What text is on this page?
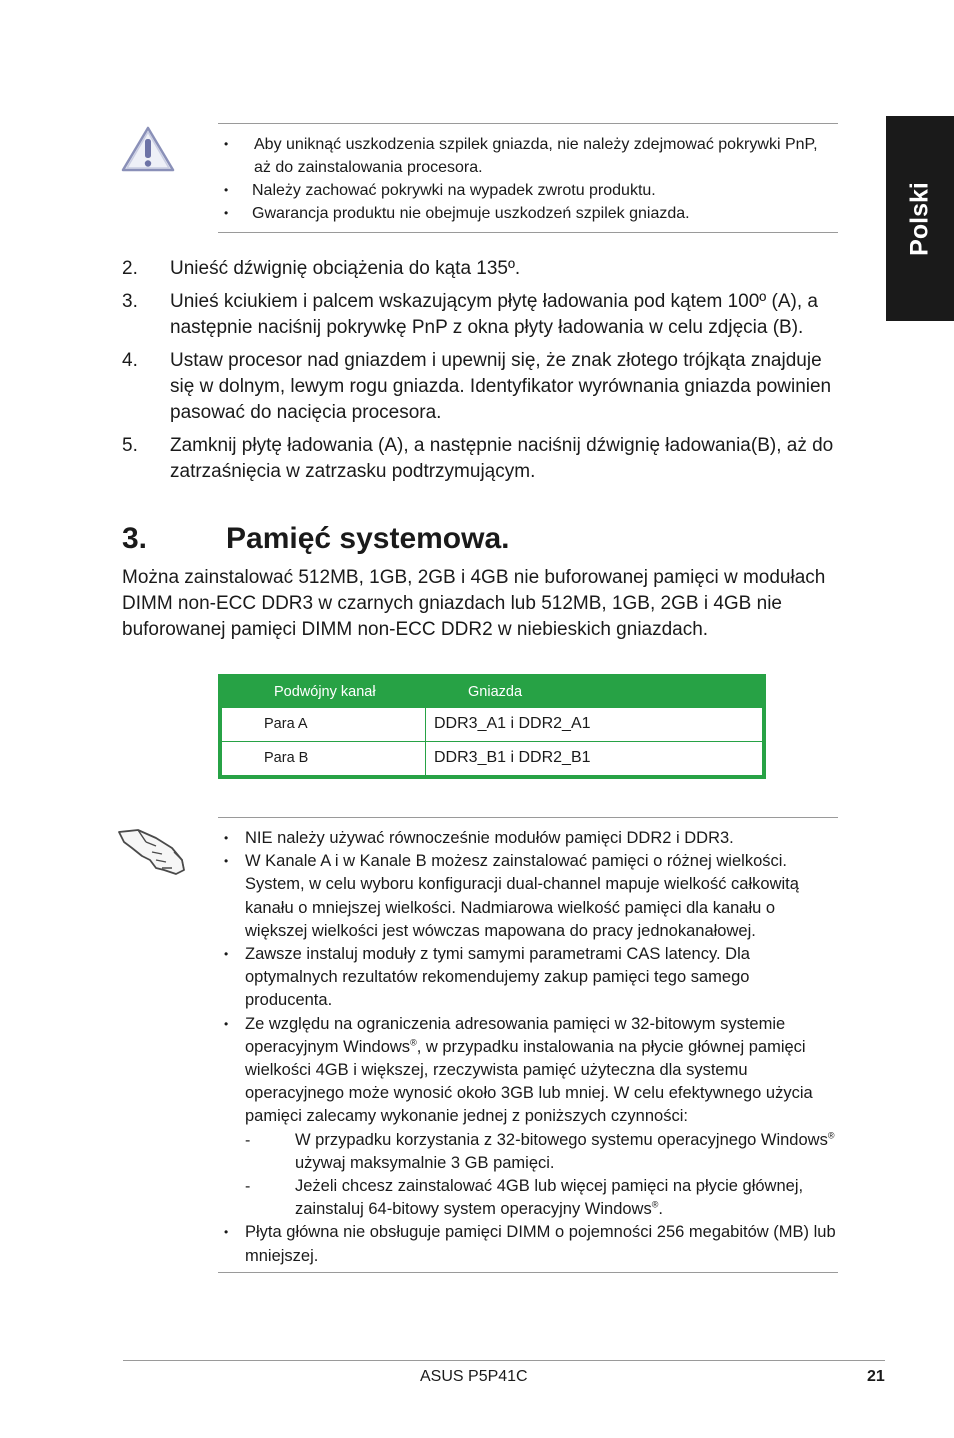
Polski
• Aby uniknąć uszkodzenia szpilek gniazda, nie należy zdejmować pokrywki PnP, aż do zainstalowania procesora.
• Należy zachować pokrywki na wypadek zwrotu produktu.
• Gwarancja produktu nie obejmuje uszkodzeń szpilek gniazda.
2. Unieść dźwignię obciążenia do kąta 135º.
3. Unieś kciukiem i palcem wskazującym płytę ładowania pod kątem 100º (A), a następnie naciśnij pokrywkę PnP z okna płyty ładowania w celu zdjęcia (B).
4. Ustaw procesor nad gniazdem i upewnij się, że znak złotego trójkąta znajduje się w dolnym, lewym rogu gniazda. Identyfikator wyrównania gniazda powinien pasować do nacięcia procesora.
5. Zamknij płytę ładowania (A), a następnie naciśnij dźwignię ładowania(B), aż do zatrzaśnięcia w zatrzasku podtrzymującym.
3.	Pamięć systemowa.
Można zainstalować 512MB, 1GB, 2GB i 4GB nie buforowanej pamięci w modułach DIMM non-ECC DDR3 w czarnych gniazdach lub 512MB, 1GB, 2GB i 4GB nie buforowanej pamięci DIMM non-ECC DDR2 w niebieskich gniazdach.
Podwójny kanał	Gniazda
Para A	DDR3_A1 i DDR2_A1
Para B	DDR3_B1 i DDR2_B1
• NIE należy używać równocześnie modułów pamięci DDR2 i DDR3.
• W Kanale A i w Kanale B możesz zainstalować pamięci o różnej wielkości. System, w celu wyboru konfiguracji dual-channel mapuje wielkość całkowitą kanału o mniejszej wielkości. Nadmiarowa wielkość pamięci dla kanału o większej wielkości jest wówczas mapowana do pracy jednokanałowej.
• Zawsze instaluj moduły z tymi samymi parametrami CAS latency. Dla optymalnych rezultatów rekomendujemy zakup pamięci tego samego producenta.
• Ze względu na ograniczenia adresowania pamięci w 32-bitowym systemie operacyjnym Windows®, w przypadku instalowania na płycie głównej pamięci wielkości 4GB i większej, rzeczywista pamięć użyteczna dla systemu operacyjnego może wynosić około 3GB lub mniej. W celu efektywnego użycia pamięci zalecamy wykonanie jednej z poniższych czynności:
- W przypadku korzystania z 32-bitowego systemu operacyjnego Windows® używaj maksymalnie 3 GB pamięci.
- Jeżeli chcesz zainstalować 4GB lub więcej pamięci na płycie głównej, zainstaluj 64-bitowy system operacyjny Windows®.
• Płyta główna nie obsługuje pamięci DIMM o pojemności 256 megabitów (MB) lub mniejszej.
ASUS P5P41C	21
